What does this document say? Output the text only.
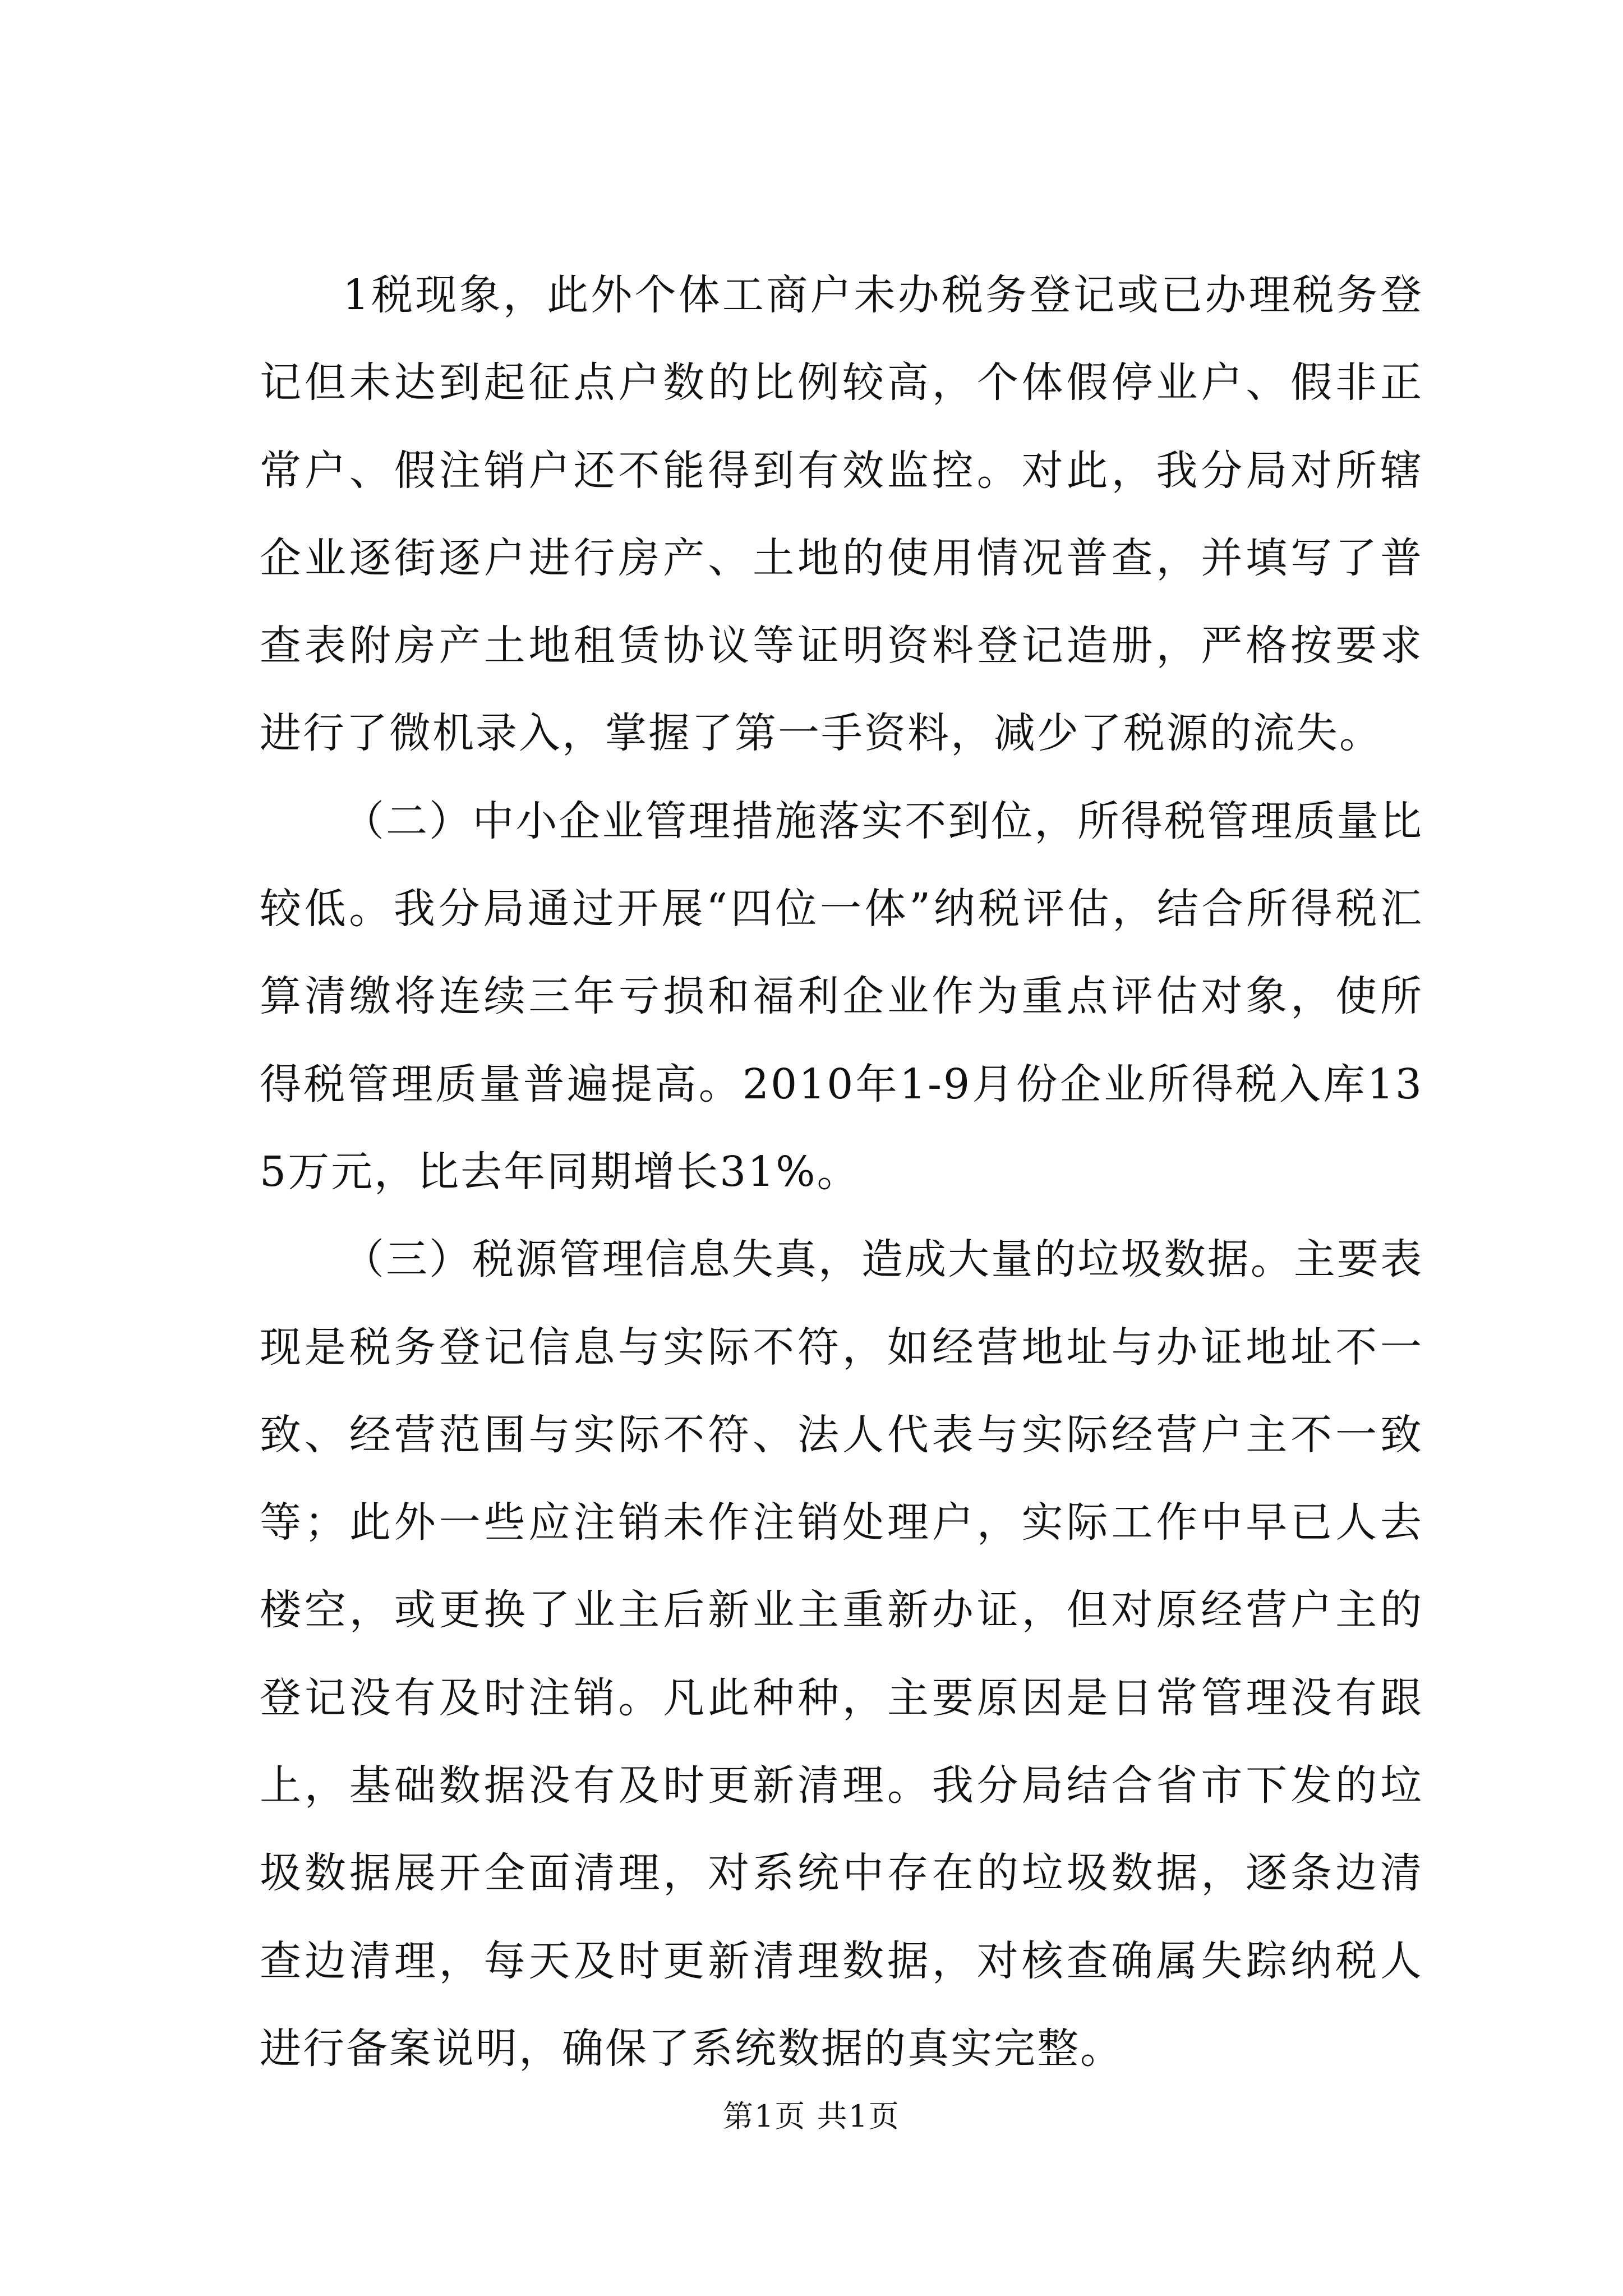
1税现象，此外个体工商户未办税务登记或已办理税务登记但未达到起征点户数的比例较高，个体假停业户、假非正常户、假注销户还不能得到有效监控。对此，我分局对所辖企业逐街逐户进行房产、土地的使用情况普查，并填写了普查表附房产土地租赁协议等证明资料登记造册，严格按要求进行了微机录入，掌握了第一手资料，减少了税源的流失。

（二）中小企业管理措施落实不到位，所得税管理质量比较低。我分局通过开展“四位一体”纳税评估，结合所得税汇算清缴将连续三年亏损和福利企业作为重点评估对象，使所得税管理质量普遍提高。2010年1-9月份企业所得税入库135万元，比去年同期增长31%。

（三）税源管理信息失真，造成大量的垃圾数据。主要表现是税务登记信息与实际不符，如经营地址与办证地址不一致、经营范围与实际不符、法人代表与实际经营户主不一致等；此外一些应注销未作注销处理户，实际工作中早已人去楼空，或更换了业主后新业主重新办证，但对原经营户主的登记没有及时注销。凡此种种，主要原因是日常管理没有跟上，基础数据没有及时更新清理。我分局结合省市下发的垃圾数据展开全面清理，对系统中存在的垃圾数据，逐条边清查边清理，每天及时更新清理数据，对核查确属失踪纳税人进行备案说明，确保了系统数据的真实完整。

第1页 共1页
